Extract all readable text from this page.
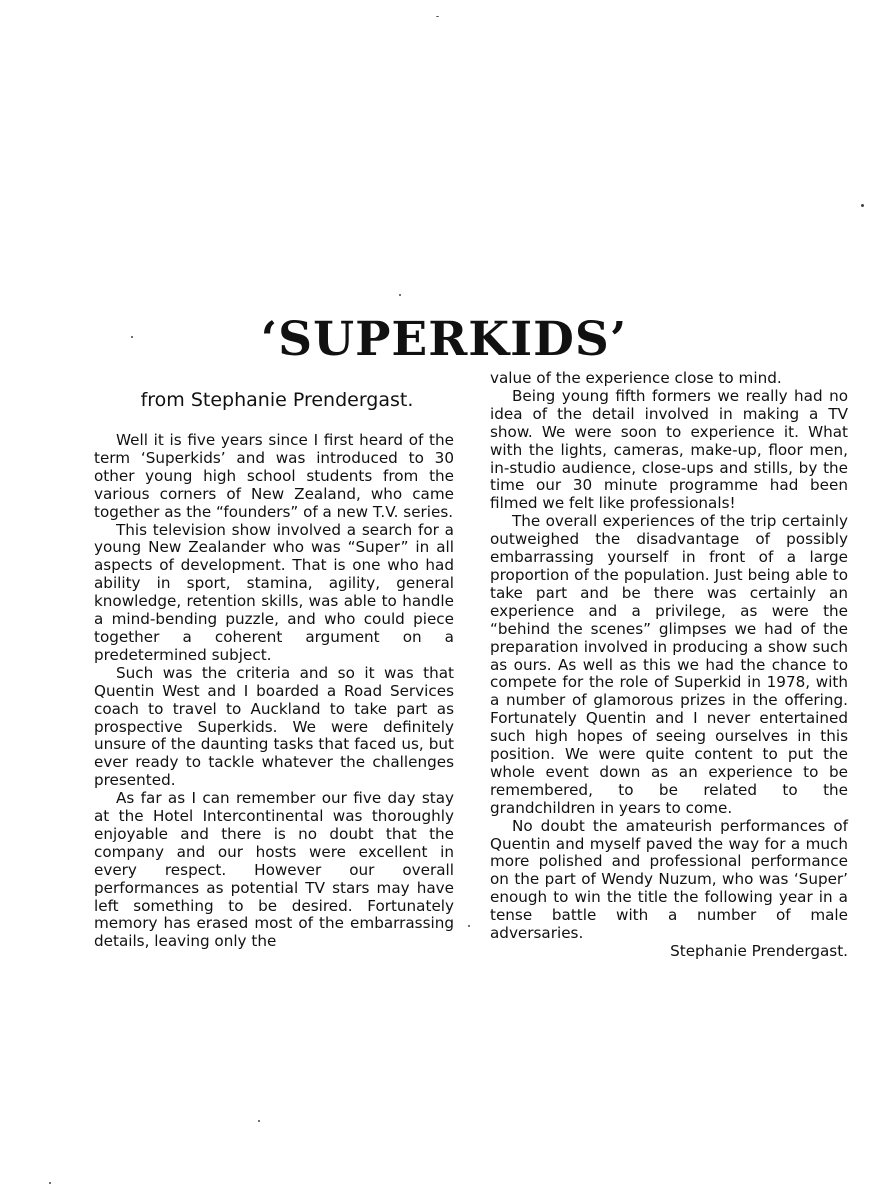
‘SUPERKIDS’
from Stephanie Prendergast.

Well it is five years since I first heard of the term ‘Superkids’ and was introduced to 30 other young high school students from the various corners of New Zealand, who came together as the “founders” of a new T.V. series.

This television show involved a search for a young New Zealander who was “Super” in all aspects of development. That is one who had ability in sport, stamina, agility, general knowledge, retention skills, was able to handle a mind-bending puzzle, and who could piece together a coherent argument on a predetermined subject.

Such was the criteria and so it was that Quentin West and I boarded a Road Services coach to travel to Auckland to take part as prospective Superkids. We were definitely unsure of the daunting tasks that faced us, but ever ready to tackle whatever the challenges presented.

As far as I can remember our five day stay at the Hotel Intercontinental was thoroughly enjoyable and there is no doubt that the company and our hosts were excellent in every respect. However our overall performances as potential TV stars may have left something to be desired. Fortunately memory has erased most of the embarrassing details, leaving only the

value of the experience close to mind.

Being young fifth formers we really had no idea of the detail involved in making a TV show. We were soon to experience it. What with the lights, cameras, make-up, floor men, in-studio audience, close-ups and stills, by the time our 30 minute programme had been filmed we felt like professionals!

The overall experiences of the trip certainly outweighed the disadvantage of possibly embarrassing yourself in front of a large proportion of the population. Just being able to take part and be there was certainly an experience and a privilege, as were the “behind the scenes” glimpses we had of the preparation involved in producing a show such as ours. As well as this we had the chance to compete for the role of Superkid in 1978, with a number of glamorous prizes in the offering. Fortunately Quentin and I never entertained such high hopes of seeing ourselves in this position. We were quite content to put the whole event down as an experience to be remembered, to be related to the grandchildren in years to come.

No doubt the amateurish performances of Quentin and myself paved the way for a much more polished and professional performance on the part of Wendy Nuzum, who was ‘Super’ enough to win the title the following year in a tense battle with a number of male adversaries.

Stephanie Prendergast.
